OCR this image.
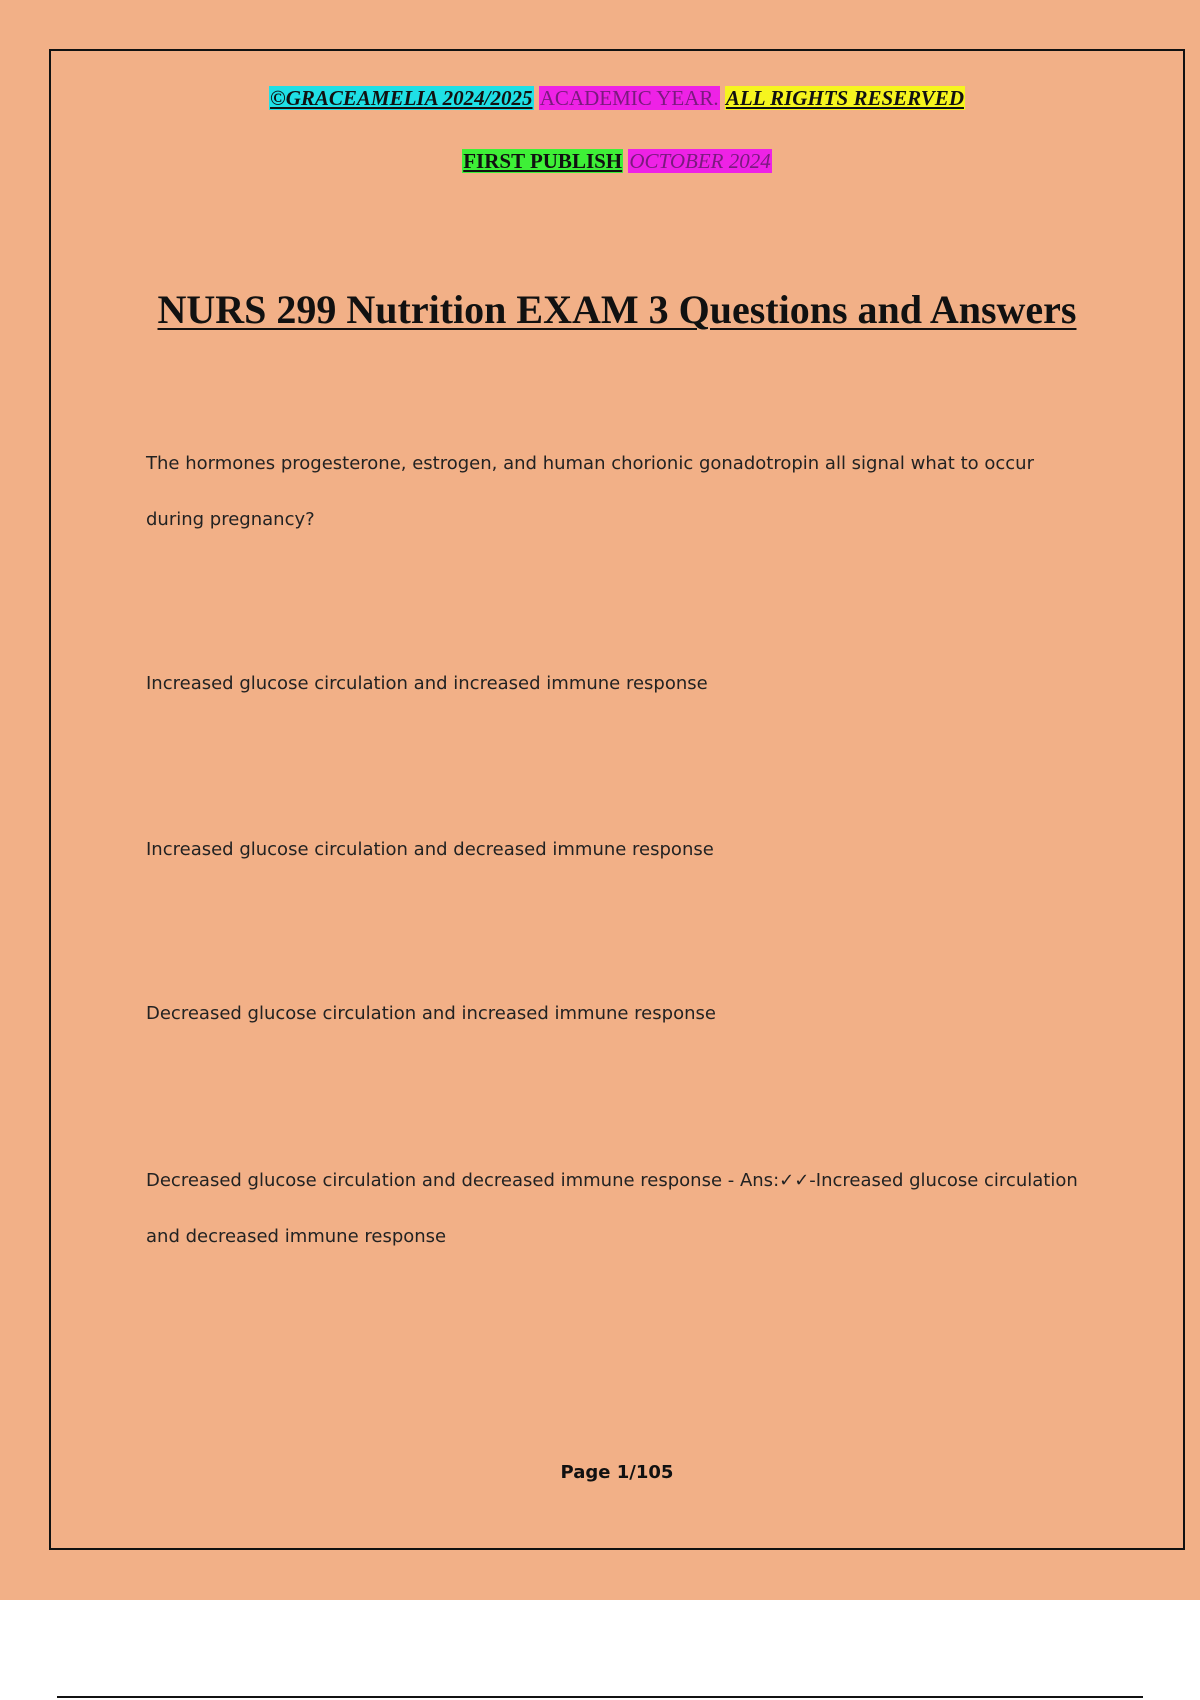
©GRACEAMELIA 2024/2025 ACADEMIC YEAR. ALL RIGHTS RESERVED
FIRST PUBLISH OCTOBER 2024
NURS 299 Nutrition EXAM 3 Questions and Answers
The hormones progesterone, estrogen, and human chorionic gonadotropin all signal what to occur during pregnancy?
Increased glucose circulation and increased immune response
Increased glucose circulation and decreased immune response
Decreased glucose circulation and increased immune response
Decreased glucose circulation and decreased immune response - Ans:✓✓-Increased glucose circulation and decreased immune response
Page 1/105
